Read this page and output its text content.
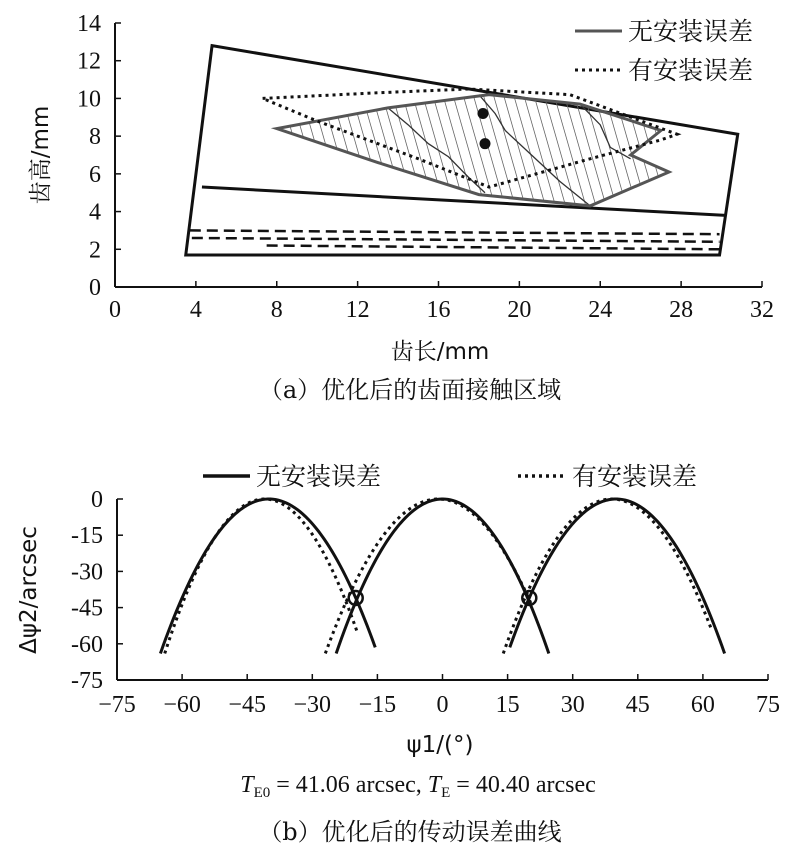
0	4	8	12 16 20 24 28 32
0
2
4
6
8
10
12
14
齿长/mm
齿高/mm
（a）优化后的齿面接触区域
无安装误差
有安装误差
−75 −60 −45 −30 −15 0 15 30 45 60 75
0
-15
-30
-45
-60
-75
ψ1/(°)
Δψ2/arcsec
$T_{E0} = 41.06$ arcsec, $T_E = 40.40$ arcsec
（b）优化后的传动误差曲线
无安装误差	有安装误差
